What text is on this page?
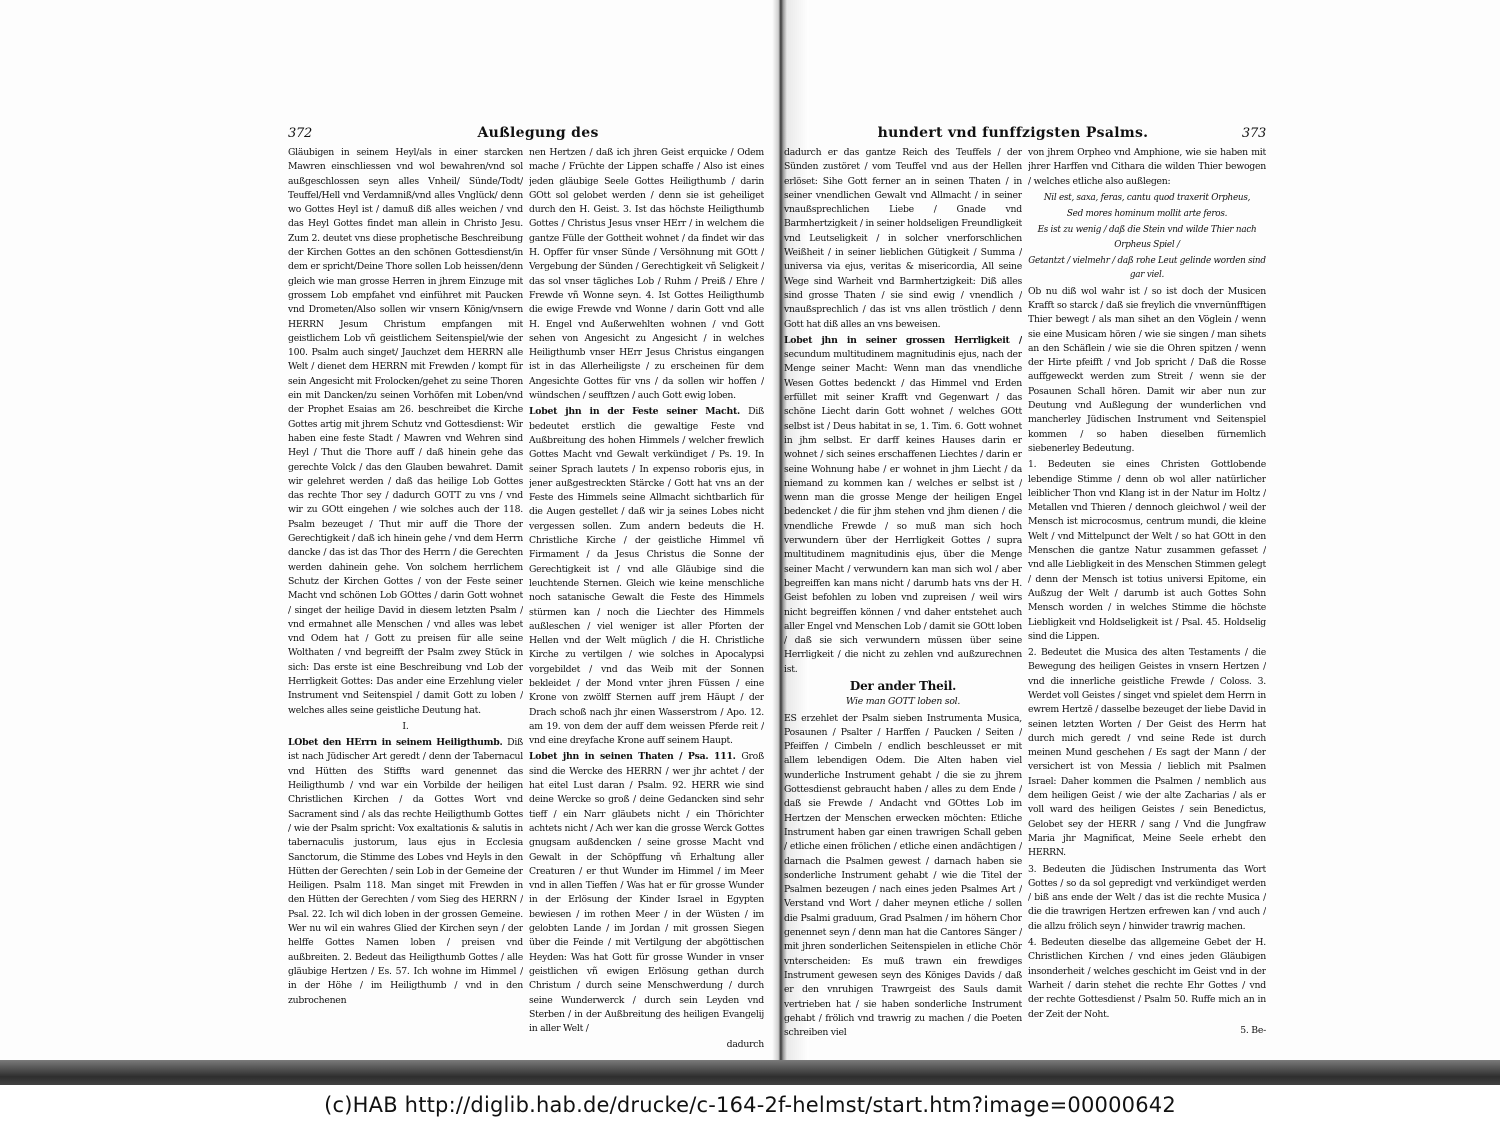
372	Außlegung des

Gläubigen in seinem Heyl/als in einer starcken Mawren einschliessen vnd wol bewahren/vnd sol außgeschlossen seyn alles Vnheil/ Sünde/Todt/ Teuffel/Hell vnd Verdamniß/vnd alles Vnglück/ denn wo Gottes Heyl ist / damuß diß alles weichen / vnd das Heyl Gottes findet man allein in Christo Jesu. Zum 2. deutet vns diese prophetische Beschreibung der Kirchen Gottes an den schönen Gottesdienst/in dem er spricht/Deine Thore sollen Lob heissen/denn gleich wie man grosse Herren in jhrem Einzuge mit grossem Lob empfahet vnd einführet mit Paucken vnd Drometen/Also sollen wir vnsern König/vnsern HERRN Jesum Christum empfangen mit geistlichem Lob vñ geistlichem Seitenspiel/wie der 100. Psalm auch singet/ Jauchzet dem HERRN alle Welt / dienet dem HERRN mit Frewden / kompt für sein Angesicht mit Frolocken/gehet zu seine Thoren ein mit Dancken/zu seinen Vorhöfen mit Loben/vnd der Prophet Esaias am 26. beschreibet die Kirche Gottes artig mit jhrem Schutz vnd Gottesdienst: Wir haben eine feste Stadt / Mawren vnd Wehren sind Heyl / Thut die Thore auff / daß hinein gehe das gerechte Volck / das den Glauben bewahret. Damit wir gelehret werden / daß das heilige Lob Gottes das rechte Thor sey / dadurch GOTT zu vns / vnd wir zu GOtt eingehen / wie solches auch der 118. Psalm bezeuget / Thut mir auff die Thore der Gerechtigkeit / daß ich hinein gehe / vnd dem Herrn dancke / das ist das Thor des Herrn / die Gerechten werden dahinein gehe. Von solchem herrlichem Schutz der Kirchen Gottes / von der Feste seiner Macht vnd schönen Lob GOttes / darin Gott wohnet / singet der heilige David in diesem letzten Psalm / vnd ermahnet alle Menschen / vnd alles was lebet vnd Odem hat / Gott zu preisen für alle seine Wolthaten / vnd begreifft der Psalm zwey Stück in sich: Das erste ist eine Beschreibung vnd Lob der Herrligkeit Gottes: Das ander eine Erzehlung vieler Instrument vnd Seitenspiel / damit Gott zu loben / welches alles seine geistliche Deutung hat.

I.

LObet den HErrn in seinem Heiligthumb. Diß ist nach Jüdischer Art geredt / denn der Tabernacul vnd Hütten des Stiffts ward genennet das Heiligthumb / vnd war ein Vorbilde der heiligen Christlichen Kirchen / da Gottes Wort vnd Sacrament sind / als das rechte Heiligthumb Gottes / wie der Psalm spricht: Vox exaltationis & salutis in tabernaculis justorum, laus ejus in Ecclesia Sanctorum, die Stimme des Lobes vnd Heyls in den Hütten der Gerechten / sein Lob in der Gemeine der Heiligen. Psalm 118. Man singet mit Frewden in den Hütten der Gerechten / vom Sieg des HERRN / Psal. 22. Ich wil dich loben in der grossen Gemeine. Wer nu wil ein wahres Glied der Kirchen seyn / der helffe Gottes Namen loben / preisen vnd außbreiten. 2. Bedeut das Heiligthumb Gottes / alle gläubige Hertzen / Es. 57. Ich wohne im Himmel / in der Höhe / im Heiligthumb / vnd in den zubrochenen

nen Hertzen / daß ich jhren Geist erquicke / Odem mache / Früchte der Lippen schaffe / Also ist eines jeden gläubige Seele Gottes Heiligthumb / darin GOtt sol gelobet werden / denn sie ist geheiliget durch den H. Geist. 3. Ist das höchste Heiligthumb Gottes / Christus Jesus vnser HErr / in welchem die gantze Fülle der Gottheit wohnet / da findet wir das H. Opffer für vnser Sünde / Versöhnung mit GOtt / Vergebung der Sünden / Gerechtigkeit vñ Seligkeit / das sol vnser tägliches Lob / Ruhm / Preiß / Ehre / Frewde vñ Wonne seyn. 4. Ist Gottes Heiligthumb die ewige Frewde vnd Wonne / darin Gott vnd alle H. Engel vnd Außerwehlten wohnen / vnd Gott sehen von Angesicht zu Angesicht / in welches Heiligthumb vnser HErr Jesus Christus eingangen ist in das Allerheiligste / zu erscheinen für dem Angesichte Gottes für vns / da sollen wir hoffen / wündschen / seufftzen / auch Gott ewig loben.

Lobet jhn in der Feste seiner Macht. Diß bedeutet erstlich die gewaltige Feste vnd Außbreitung des hohen Himmels / welcher frewlich Gottes Macht vnd Gewalt verkündiget / Ps. 19. In seiner Sprach lautets / In expenso roboris ejus, in jener außgestreckten Stärcke / Gott hat vns an der Feste des Himmels seine Allmacht sichtbarlich für die Augen gestellet / daß wir ja seines Lobes nicht vergessen sollen. Zum andern bedeuts die H. Christliche Kirche / der geistliche Himmel vñ Firmament / da Jesus Christus die Sonne der Gerechtigkeit ist / vnd alle Gläubige sind die leuchtende Sternen. Gleich wie keine menschliche noch satanische Gewalt die Feste des Himmels stürmen kan / noch die Liechter des Himmels außleschen / viel weniger ist aller Pforten der Hellen vnd der Welt müglich / die H. Christliche Kirche zu vertilgen / wie solches in Apocalypsi vorgebildet / vnd das Weib mit der Sonnen bekleidet / der Mond vnter jhren Füssen / eine Krone von zwölff Sternen auff jrem Häupt / der Drach schoß nach jhr einen Wasserstrom / Apo. 12. am 19. von dem der auff dem weissen Pferde reit / vnd eine dreyfache Krone auff seinem Haupt.

Lobet jhn in seinen Thaten / Psa. 111. Groß sind die Wercke des HERRN / wer jhr achtet / der hat eitel Lust daran / Psalm. 92. HERR wie sind deine Wercke so groß / deine Gedancken sind sehr tieff / ein Narr gläubets nicht / ein Thörichter achtets nicht / Ach wer kan die grosse Werck Gottes gnugsam außdencken / seine grosse Macht vnd Gewalt in der Schöpffung vñ Erhaltung aller Creaturen / er thut Wunder im Himmel / im Meer vnd in allen Tieffen / Was hat er für grosse Wunder in der Erlösung der Kinder Israel in Egypten bewiesen / im rothen Meer / in der Wüsten / im gelobten Lande / im Jordan / mit grossen Siegen über die Feinde / mit Vertilgung der abgöttischen Heyden: Was hat Gott für grosse Wunder in vnser geistlichen vñ ewigen Erlösung gethan durch Christum / durch seine Menschwerdung / durch seine Wunderwerck / durch sein Leyden vnd Sterben / in der Außbreitung des heiligen Evangelij in aller Welt /

dadurch

hundert vnd funffzigsten Psalms.	373

dadurch er das gantze Reich des Teuffels / der Sünden zustöret / vom Teuffel vnd aus der Hellen erlöset: Sihe Gott ferner an in seinen Thaten / in seiner vnendlichen Gewalt vnd Allmacht / in seiner vnaußsprechlichen Liebe / Gnade vnd Barmhertzigkeit / in seiner holdseligen Freundligkeit vnd Leutseligkeit / in solcher vnerforschlichen Weißheit / in seiner lieblichen Gütigkeit / Summa / universa via ejus, veritas & misericordia, All seine Wege sind Warheit vnd Barmhertzigkeit: Diß alles sind grosse Thaten / sie sind ewig / vnendlich / vnaußsprechlich / das ist vns allen tröstlich / denn Gott hat diß alles an vns beweisen.

Lobet jhn in seiner grossen Herrligkeit / secundum multitudinem magnitudinis ejus, nach der Menge seiner Macht: Wenn man das vnendliche Wesen Gottes bedenckt / das Himmel vnd Erden erfüllet mit seiner Krafft vnd Gegenwart / das schöne Liecht darin Gott wohnet / welches GOtt selbst ist / Deus habitat in se, 1. Tim. 6. Gott wohnet in jhm selbst. Er darff keines Hauses darin er wohnet / sich seines erschaffenen Liechtes / darin er seine Wohnung habe / er wohnet in jhm Liecht / da niemand zu kommen kan / welches er selbst ist / wenn man die grosse Menge der heiligen Engel bedencket / die für jhm stehen vnd jhm dienen / die vnendliche Frewde / so muß man sich hoch verwundern über der Herrligkeit Gottes / supra multitudinem magnitudinis ejus, über die Menge seiner Macht / verwundern kan man sich wol / aber begreiffen kan mans nicht / darumb hats vns der H. Geist befohlen zu loben vnd zupreisen / weil wirs nicht begreiffen können / vnd daher entstehet auch aller Engel vnd Menschen Lob / damit sie GOtt loben / daß sie sich verwundern müssen über seine Herrligkeit / die nicht zu zehlen vnd außzurechnen ist.

Der ander Theil.

Wie man GOTT loben sol.

ES erzehlet der Psalm sieben Instrumenta Musica, Posaunen / Psalter / Harffen / Paucken / Seiten / Pfeiffen / Cimbeln / endlich beschleusset er mit allem lebendigen Odem. Die Alten haben viel wunderliche Instrument gehabt / die sie zu jhrem Gottesdienst gebraucht haben / alles zu dem Ende / daß sie Frewde / Andacht vnd GOttes Lob im Hertzen der Menschen erwecken möchten: Etliche Instrument haben gar einen trawrigen Schall geben / etliche einen frölichen / etliche einen andächtigen / darnach die Psalmen gewest / darnach haben sie sonderliche Instrument gehabt / wie die Titel der Psalmen bezeugen / nach eines jeden Psalmes Art / Verstand vnd Wort / daher meynen etliche / sollen die Psalmi graduum, Grad Psalmen / im höhern Chor genennet seyn / denn man hat die Cantores Sänger / mit jhren sonderlichen Seitenspielen in etliche Chör vnterscheiden: Es muß trawn ein frewdiges Instrument gewesen seyn des Königes Davids / daß er den vnruhigen Trawrgeist des Sauls damit vertrieben hat / sie haben sonderliche Instrument gehabt / frölich vnd trawrig zu machen / die Poeten schreiben viel

von jhrem Orpheo vnd Amphione, wie sie haben mit jhrer Harffen vnd Cithara die wilden Thier bewogen / welches etliche also außlegen:

Nil est, saxa, feras, cantu quod traxerit Orpheus,

Sed mores hominum mollit arte feros.

Es ist zu wenig / daß die Stein vnd wilde Thier nach Orpheus Spiel /

Getantzt / vielmehr / daß rohe Leut gelinde worden sind gar viel.

Ob nu diß wol wahr ist / so ist doch der Musicen Krafft so starck / daß sie freylich die vnvernünfftigen Thier bewegt / als man sihet an den Vöglein / wenn sie eine Musicam hören / wie sie singen / man sihets an den Schäflein / wie sie die Ohren spitzen / wenn der Hirte pfeifft / vnd Job spricht / Daß die Rosse auffgeweckt werden zum Streit / wenn sie der Posaunen Schall hören. Damit wir aber nun zur Deutung vnd Außlegung der wunderlichen vnd mancherley Jüdischen Instrument vnd Seitenspiel kommen / so haben dieselben fürnemlich siebenerley Bedeutung.

1. Bedeuten sie eines Christen Gottlobende lebendige Stimme / denn ob wol aller natürlicher leiblicher Thon vnd Klang ist in der Natur im Holtz / Metallen vnd Thieren / dennoch gleichwol / weil der Mensch ist microcosmus, centrum mundi, die kleine Welt / vnd Mittelpunct der Welt / so hat GOtt in den Menschen die gantze Natur zusammen gefasset / vnd alle Liebligkeit in des Menschen Stimmen gelegt / denn der Mensch ist totius universi Epitome, ein Außzug der Welt / darumb ist auch Gottes Sohn Mensch worden / in welches Stimme die höchste Liebligkeit vnd Holdseligkeit ist / Psal. 45. Holdselig sind die Lippen.

2. Bedeutet die Musica des alten Testaments / die Bewegung des heiligen Geistes in vnsern Hertzen / vnd die innerliche geistliche Frewde / Coloss. 3. Werdet voll Geistes / singet vnd spielet dem Herrn in ewrem Hertzē / dasselbe bezeuget der liebe David in seinen letzten Worten / Der Geist des Herrn hat durch mich geredt / vnd seine Rede ist durch meinen Mund geschehen / Es sagt der Mann / der versichert ist von Messia / lieblich mit Psalmen Israel: Daher kommen die Psalmen / nemblich aus dem heiligen Geist / wie der alte Zacharias / als er voll ward des heiligen Geistes / sein Benedictus, Gelobet sey der HERR / sang / Vnd die Jungfraw Maria jhr Magnificat, Meine Seele erhebt den HERRN.

3. Bedeuten die Jüdischen Instrumenta das Wort Gottes / so da sol gepredigt vnd verkündiget werden / biß ans ende der Welt / das ist die rechte Musica / die die trawrigen Hertzen erfrewen kan / vnd auch / die allzu frölich seyn / hinwider trawrig machen.

4. Bedeuten dieselbe das allgemeine Gebet der H. Christlichen Kirchen / vnd eines jeden Gläubigen insonderheit / welches geschicht im Geist vnd in der Warheit / darin stehet die rechte Ehr Gottes / vnd der rechte Gottesdienst / Psalm 50. Ruffe mich an in der Zeit der Noht.

5. Be-

(c)HAB http://diglib.hab.de/drucke/c-164-2f-helmst/start.htm?image=00000642
